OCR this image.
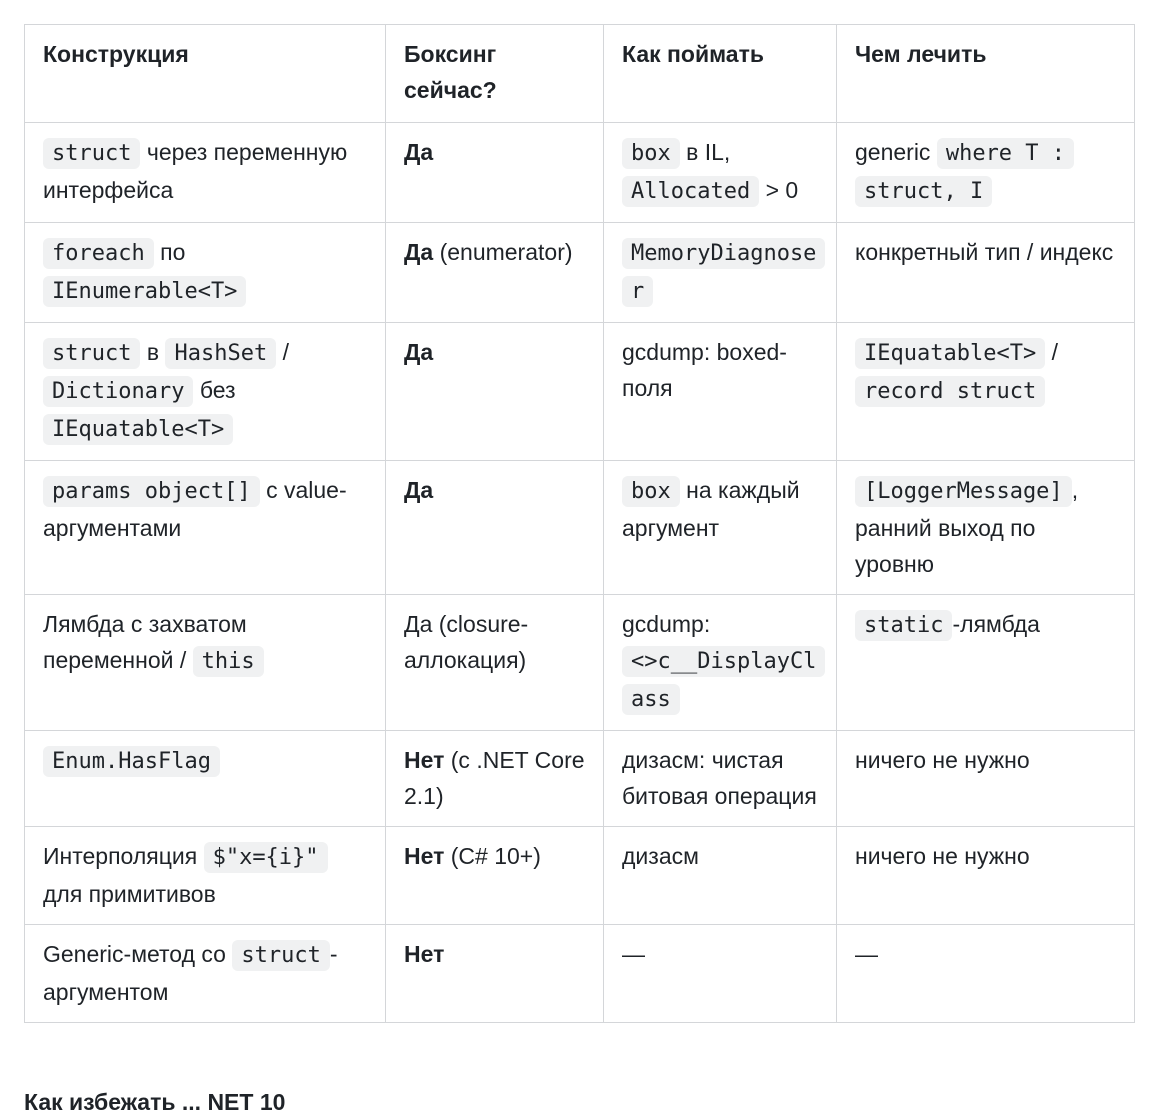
Конструкция	Боксинг сейчас?	Как поймать	Чем лечить
struct через переменную интерфейса	Да	box в IL, Allocated > 0	generic where T : struct, I
foreach по IEnumerable<T>	Да (enumerator)	MemoryDiagnoser	конкретный тип / индекс
struct в HashSet / Dictionary без IEquatable<T>	Да	gcdump: boxed-поля	IEquatable<T> / record struct
params object[] с value-аргументами	Да	box на каждый аргумент	[LoggerMessage] , ранний выход по уровню
Лямбда с захватом переменной / this	Да (closure-аллокация)	gcdump: <>c__DisplayClass	static -лямбда
Enum.HasFlag	Нет (с .NET Core 2.1)	дизасм: чистая битовая операция	ничего не нужно
Интерполяция $"x={i}" для примитивов	Нет (C# 10+)	дизасм	ничего не нужно
Generic-метод со struct -аргументом	Нет	—	—
Как избежать ... NET 10
